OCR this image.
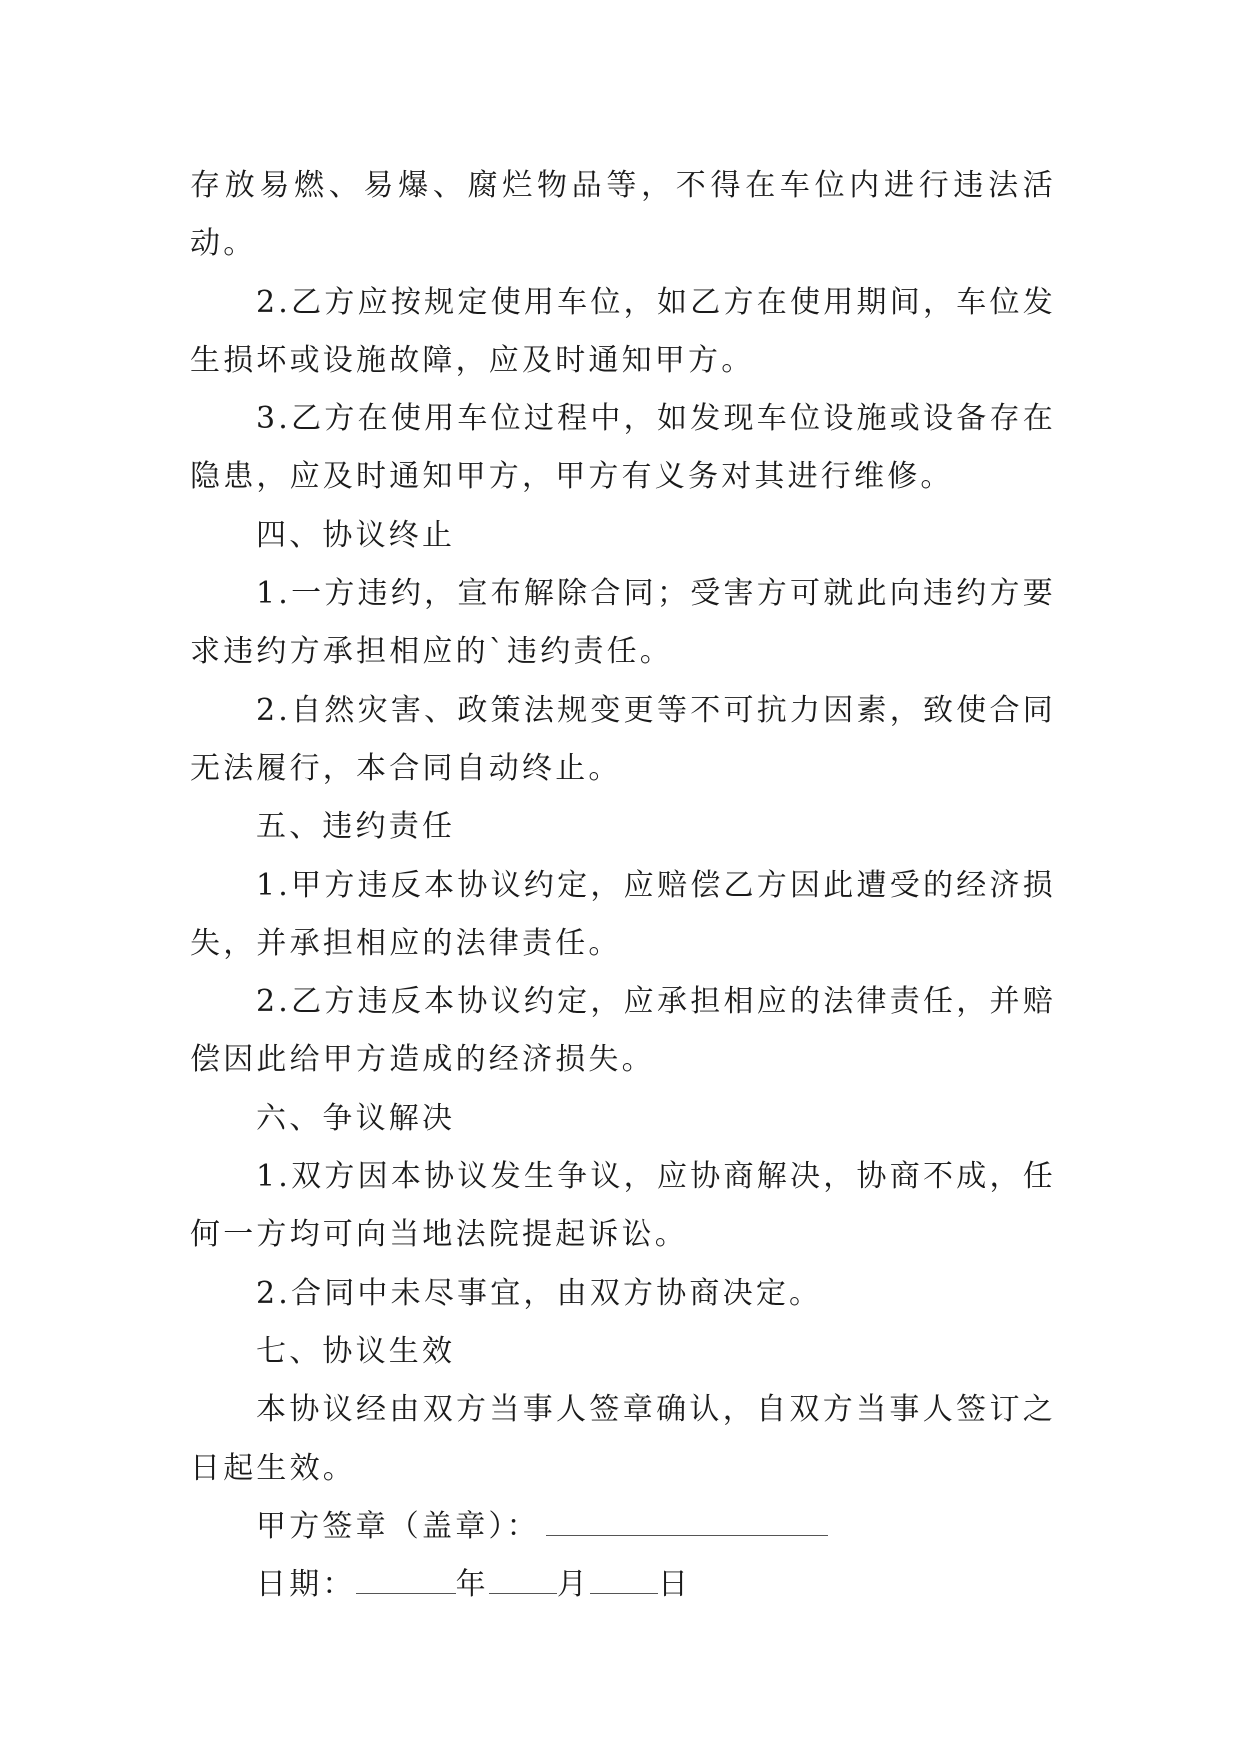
存放易燃、易爆、腐烂物品等，不得在车位内进行违法活动。

2.乙方应按规定使用车位，如乙方在使用期间，车位发生损坏或设施故障，应及时通知甲方。

3.乙方在使用车位过程中，如发现车位设施或设备存在隐患，应及时通知甲方，甲方有义务对其进行维修。

四、协议终止

1.一方违约，宣布解除合同；受害方可就此向违约方要求违约方承担相应的`违约责任。

2.自然灾害、政策法规变更等不可抗力因素，致使合同无法履行，本合同自动终止。

五、违约责任

1.甲方违反本协议约定，应赔偿乙方因此遭受的经济损失，并承担相应的法律责任。

2.乙方违反本协议约定，应承担相应的法律责任，并赔偿因此给甲方造成的经济损失。

六、争议解决

1.双方因本协议发生争议，应协商解决，协商不成，任何一方均可向当地法院提起诉讼。

2.合同中未尽事宜，由双方协商决定。

七、协议生效

本协议经由双方当事人签章确认，自双方当事人签订之日起生效。

甲方签章（盖章）：

日期：	年 月 日
